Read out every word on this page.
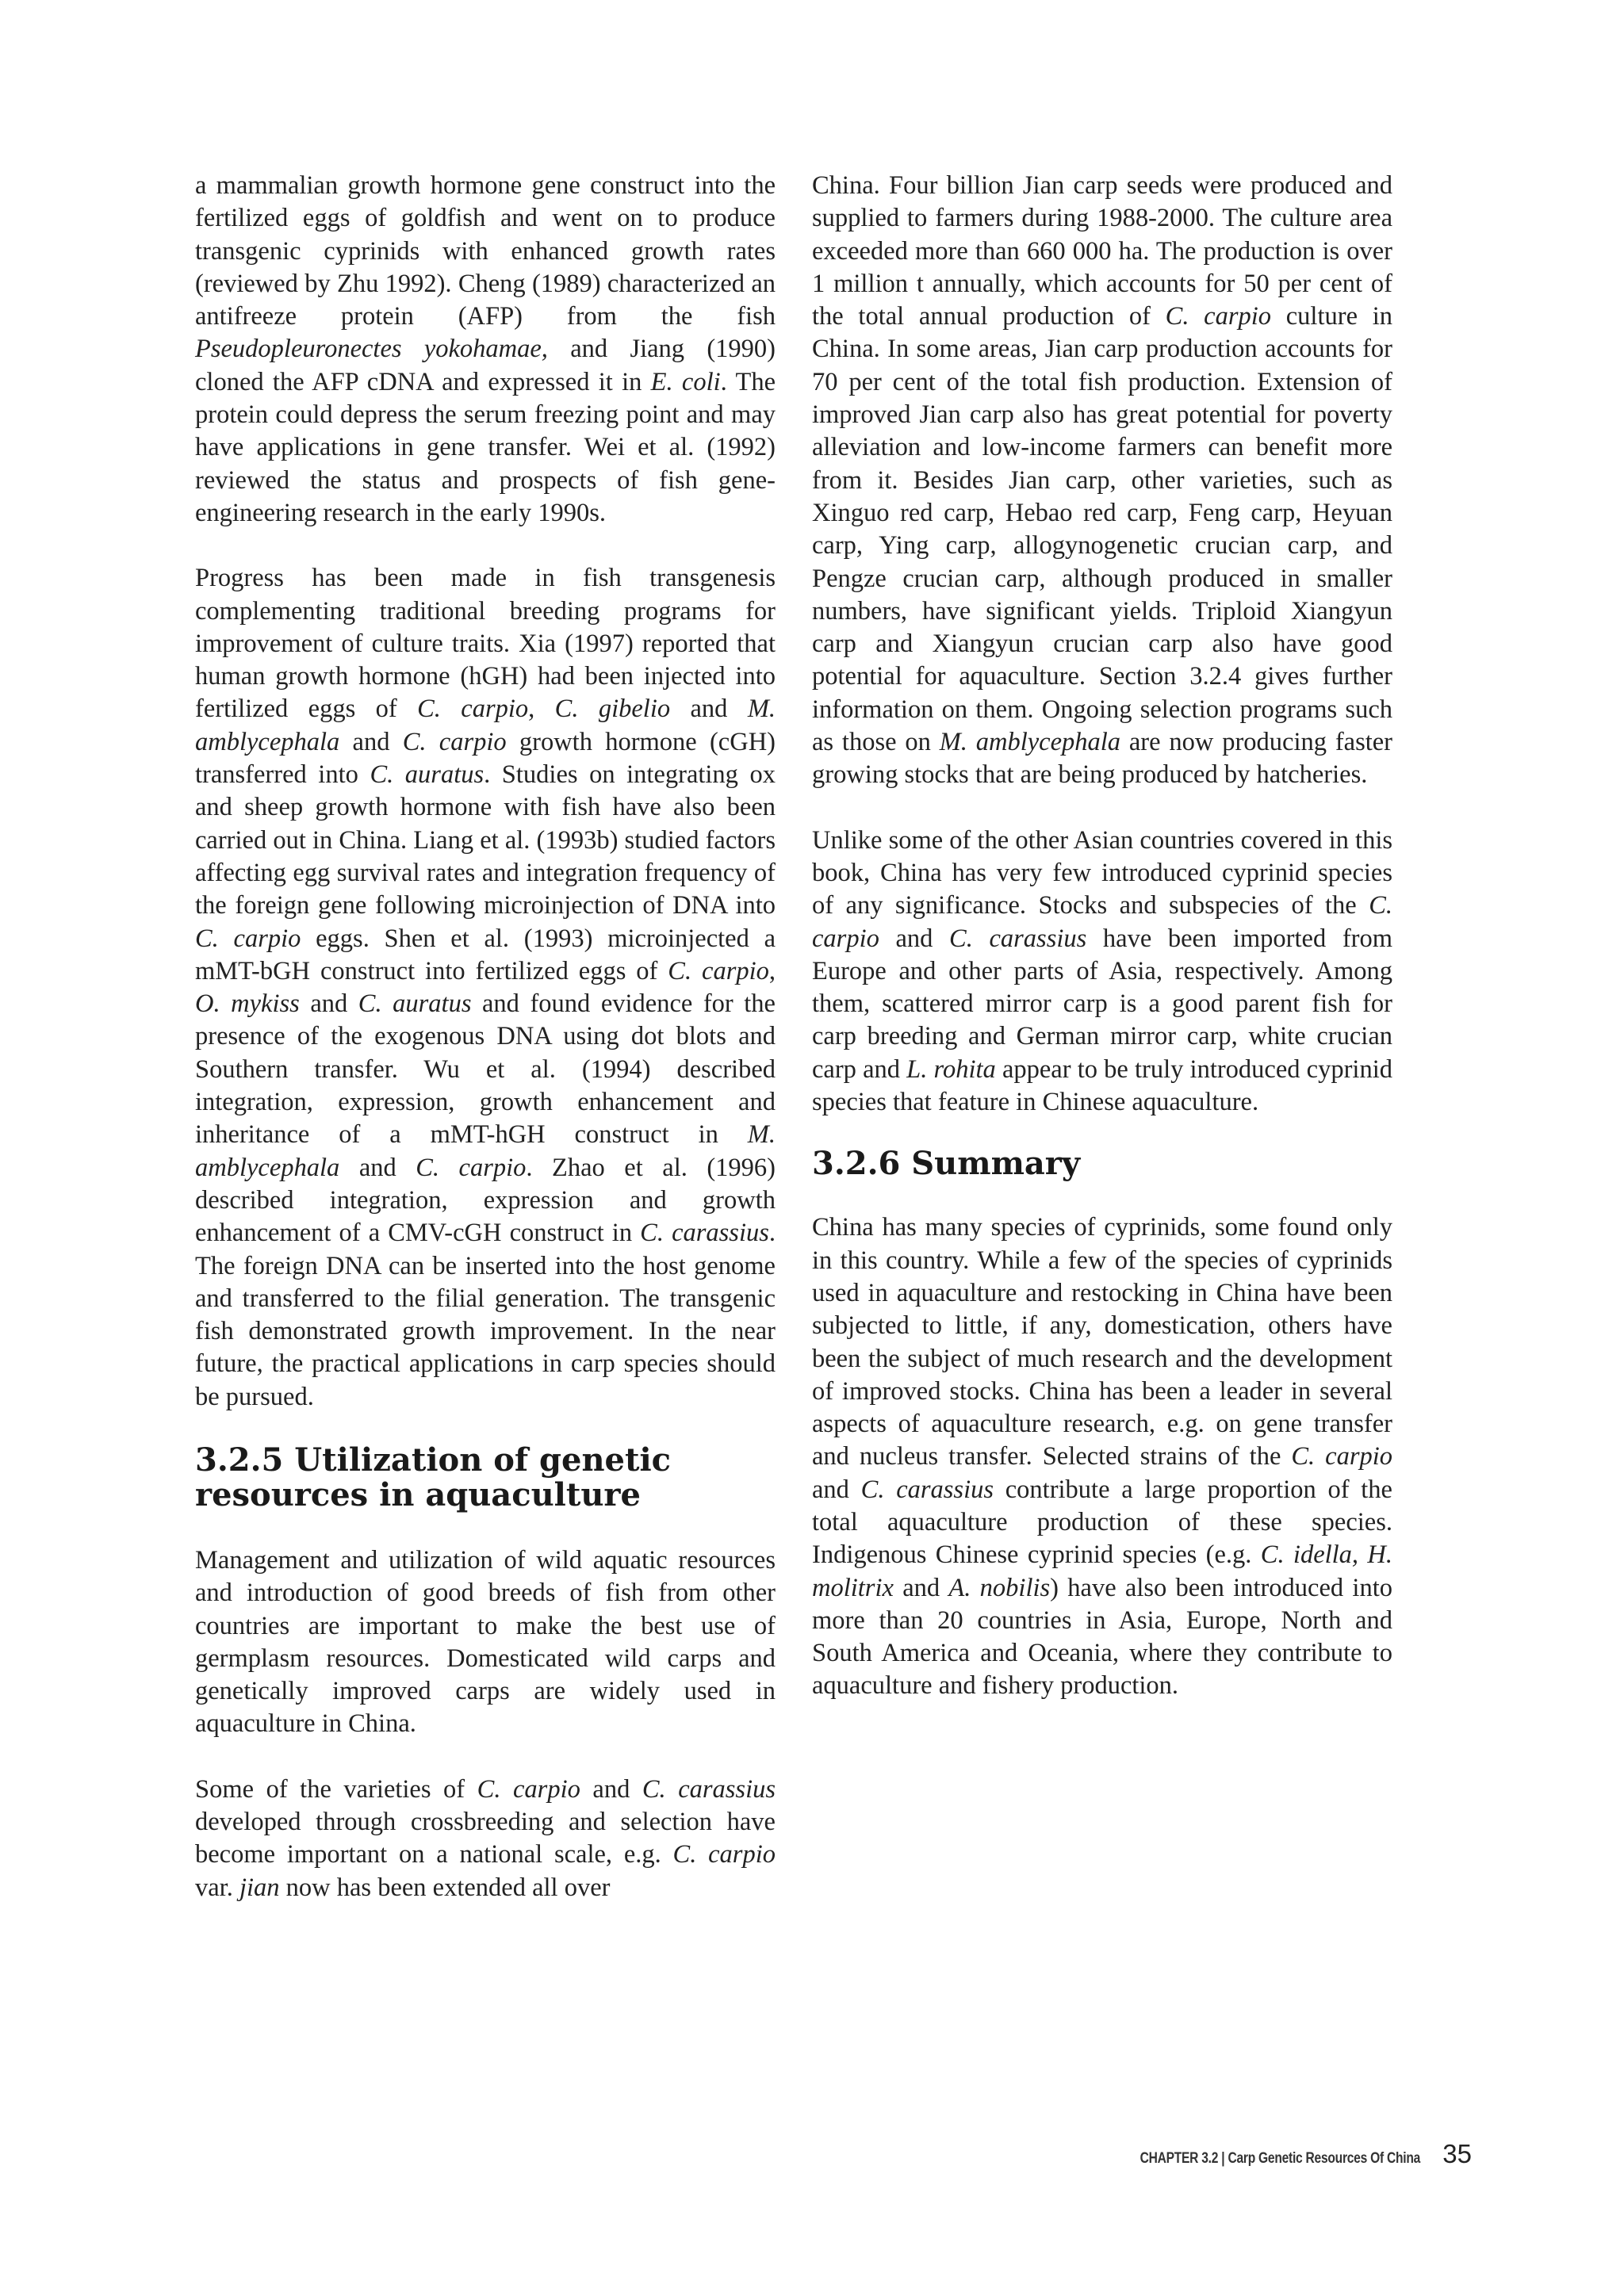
a mammalian growth hormone gene construct into the fertilized eggs of goldfish and went on to produce transgenic cyprinids with enhanced growth rates (reviewed by Zhu 1992). Cheng (1989) characterized an antifreeze protein (AFP) from the fish Pseudopleuronectes yokohamae, and Jiang (1990) cloned the AFP cDNA and expressed it in E. coli. The protein could depress the serum freezing point and may have applications in gene transfer. Wei et al. (1992) reviewed the status and prospects of fish gene-engineering research in the early 1990s.

Progress has been made in fish transgenesis complementing traditional breeding programs for improvement of culture traits. Xia (1997) reported that human growth hormone (hGH) had been injected into fertilized eggs of C. carpio, C. gibelio and M. amblycephala and C. carpio growth hormone (cGH) transferred into C. auratus. Studies on integrating ox and sheep growth hormone with fish have also been carried out in China. Liang et al. (1993b) studied factors affecting egg survival rates and integration frequency of the foreign gene following microinjection of DNA into C. carpio eggs. Shen et al. (1993) microinjected a mMT-bGH construct into fertilized eggs of C. carpio, O. mykiss and C. auratus and found evidence for the presence of the exogenous DNA using dot blots and Southern transfer. Wu et al. (1994) described integration, expression, growth enhancement and inheritance of a mMT-hGH construct in M. amblycephala and C. carpio. Zhao et al. (1996) described integration, expression and growth enhancement of a CMV-cGH construct in C. carassius. The foreign DNA can be inserted into the host genome and transferred to the filial generation. The transgenic fish demonstrated growth improvement. In the near future, the practical applications in carp species should be pursued.

3.2.5 Utilization of genetic resources in aquaculture

Management and utilization of wild aquatic resources and introduction of good breeds of fish from other countries are important to make the best use of germplasm resources. Domesticated wild carps and genetically improved carps are widely used in aquaculture in China.

Some of the varieties of C. carpio and C. carassius developed through crossbreeding and selection have become important on a national scale, e.g. C. carpio var. jian now has been extended all over

China. Four billion Jian carp seeds were produced and supplied to farmers during 1988-2000. The culture area exceeded more than 660 000 ha. The production is over 1 million t annually, which accounts for 50 per cent of the total annual production of C. carpio culture in China. In some areas, Jian carp production accounts for 70 per cent of the total fish production. Extension of improved Jian carp also has great potential for poverty alleviation and low-income farmers can benefit more from it. Besides Jian carp, other varieties, such as Xinguo red carp, Hebao red carp, Feng carp, Heyuan carp, Ying carp, allogynogenetic crucian carp, and Pengze crucian carp, although produced in smaller numbers, have significant yields. Triploid Xiangyun carp and Xiangyun crucian carp also have good potential for aquaculture. Section 3.2.4 gives further information on them. Ongoing selection programs such as those on M. amblycephala are now producing faster growing stocks that are being produced by hatcheries.

Unlike some of the other Asian countries covered in this book, China has very few introduced cyprinid species of any significance. Stocks and subspecies of the C. carpio and C. carassius have been imported from Europe and other parts of Asia, respectively. Among them, scattered mirror carp is a good parent fish for carp breeding and German mirror carp, white crucian carp and L. rohita appear to be truly introduced cyprinid species that feature in Chinese aquaculture.

3.2.6 Summary

China has many species of cyprinids, some found only in this country. While a few of the species of cyprinids used in aquaculture and restocking in China have been subjected to little, if any, domestication, others have been the subject of much research and the development of improved stocks. China has been a leader in several aspects of aquaculture research, e.g. on gene transfer and nucleus transfer. Selected strains of the C. carpio and C. carassius contribute a large proportion of the total aquaculture production of these species. Indigenous Chinese cyprinid species (e.g. C. idella, H. molitrix and A. nobilis) have also been introduced into more than 20 countries in Asia, Europe, North and South America and Oceania, where they contribute to aquaculture and fishery production.

CHAPTER 3.2 | Carp Genetic Resources Of China 35
